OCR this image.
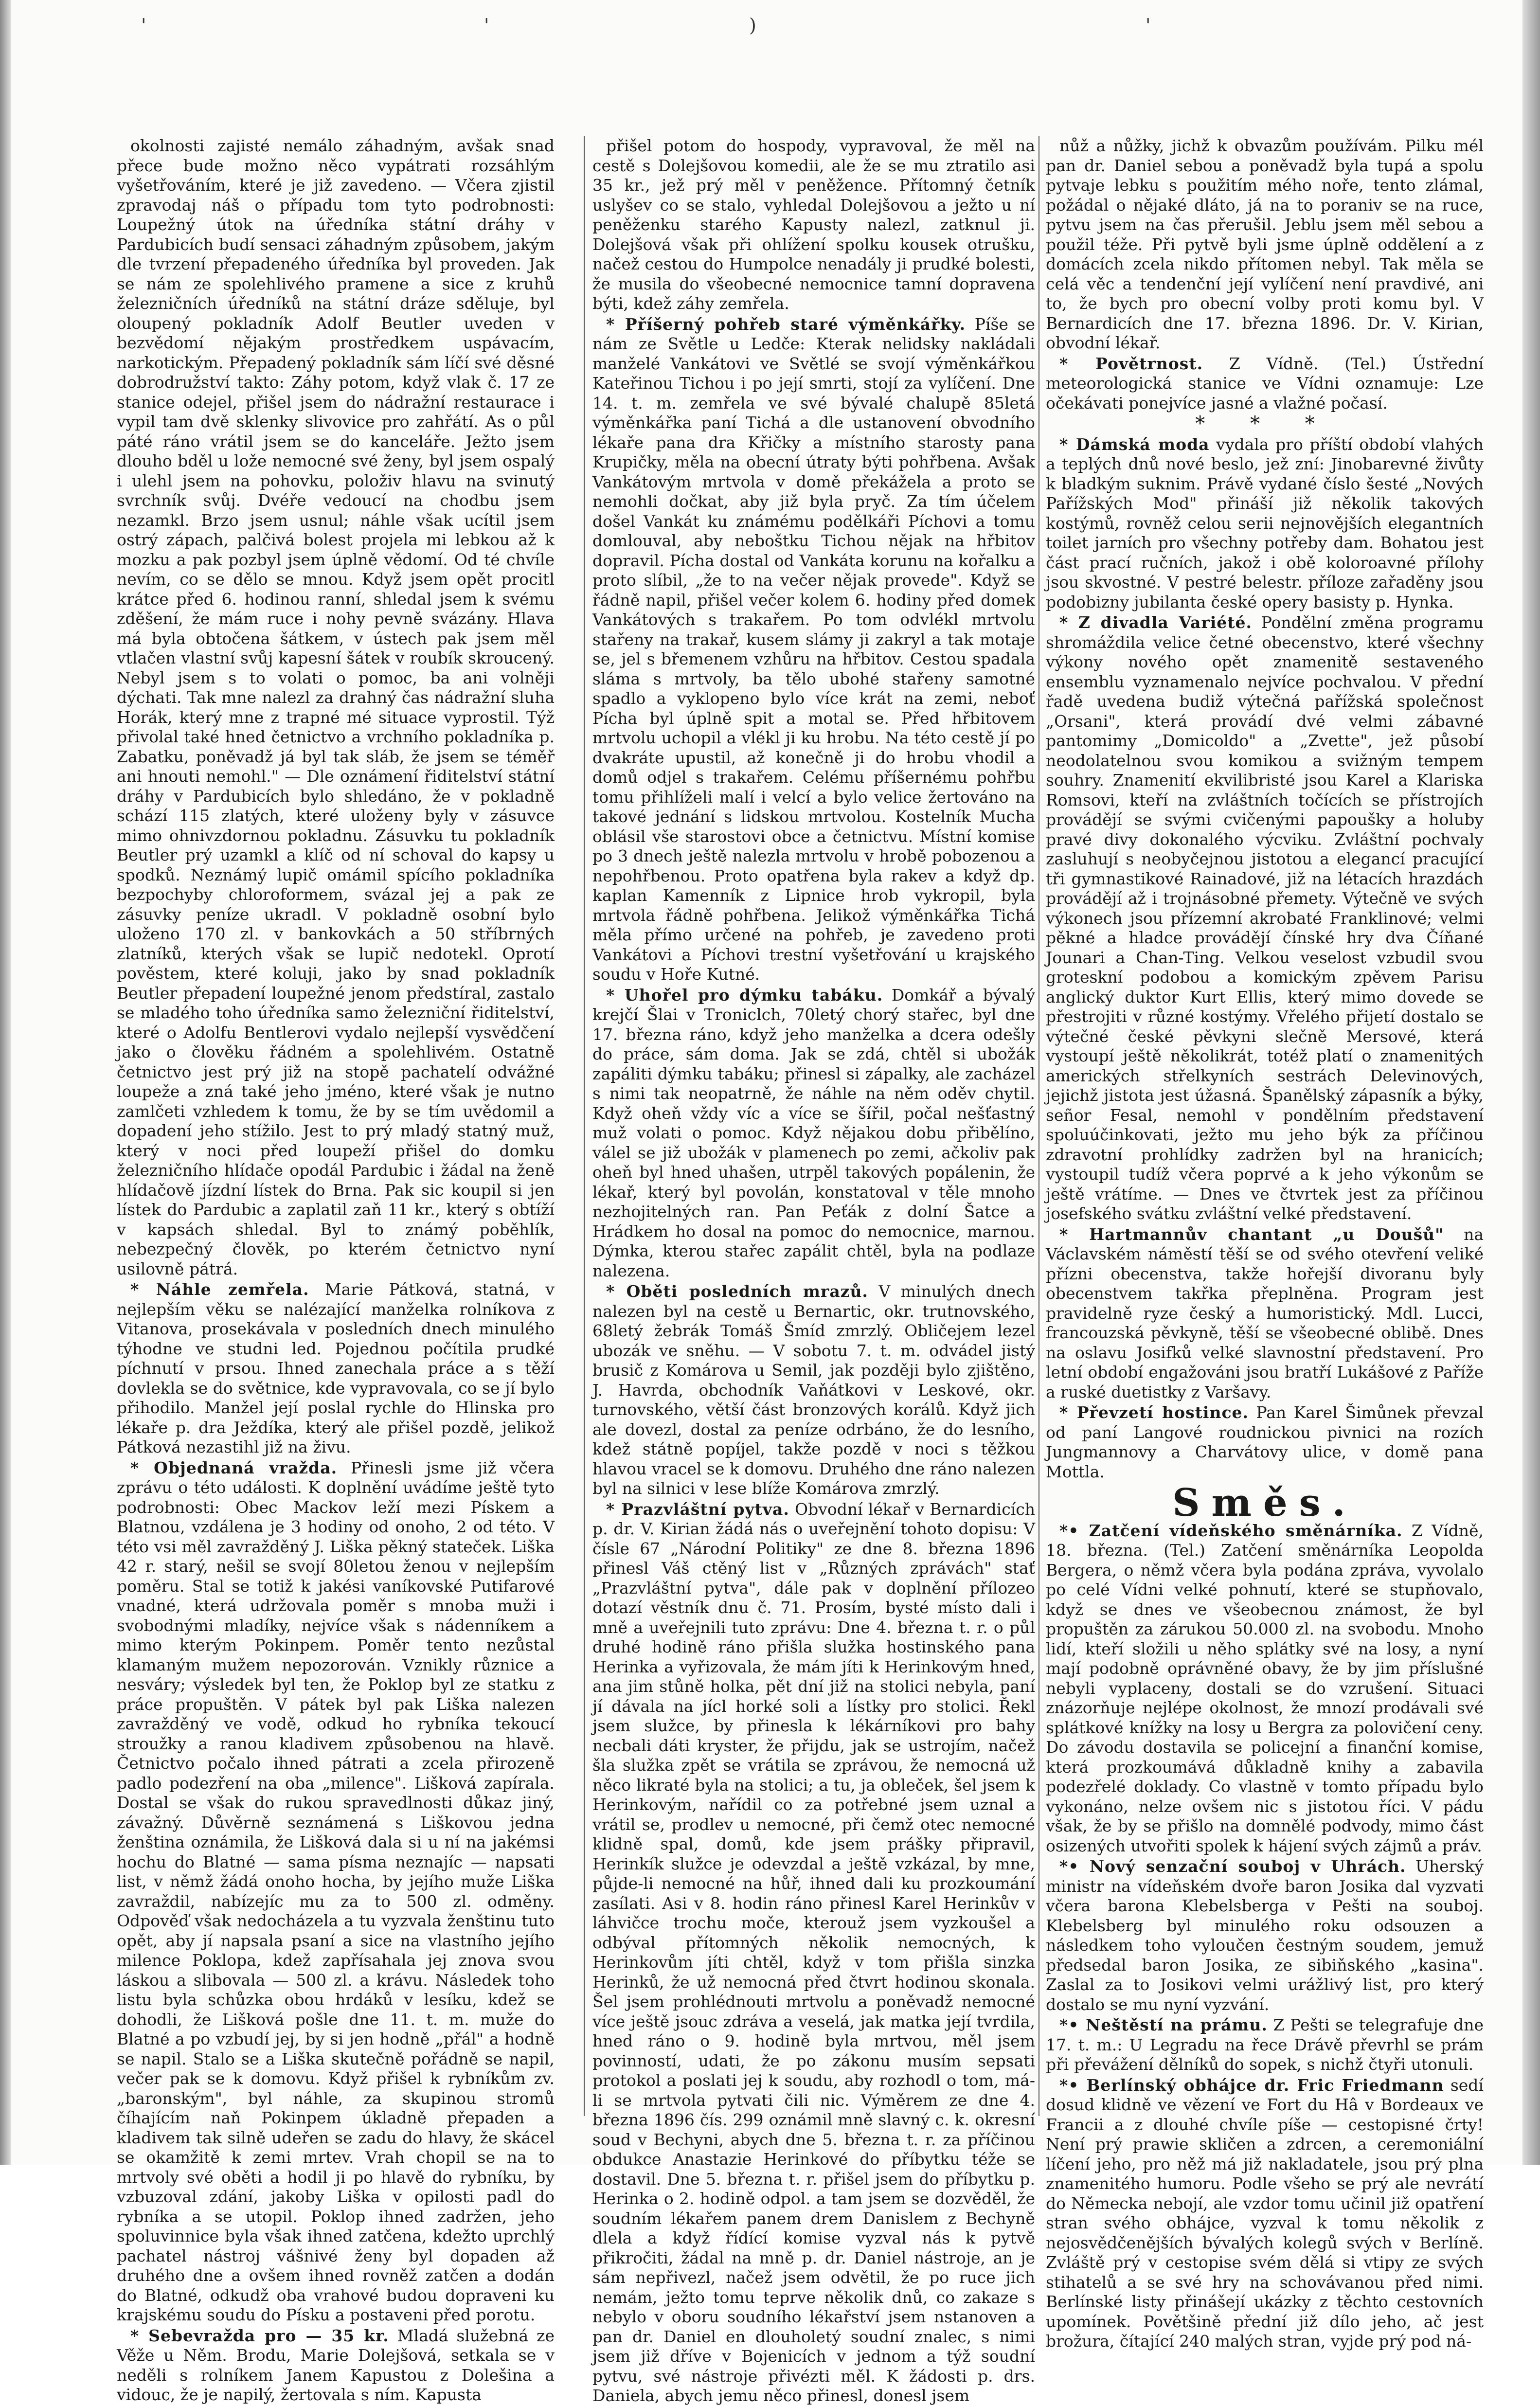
'	'	)	'

okolnosti zajisté nemálo záhadným, avšak snad přece bude možno něco vypátrati rozsáhlým vyšetřováním, které je již zavedeno. — Včera zjistil zpravodaj náš o případu tom tyto podrobnosti: Loupežný útok na úředníka státní dráhy v Pardubicích budí sensaci záhadným způsobem, jakým dle tvrzení přepadeného úředníka byl proveden. Jak se nám ze spolehlivého pramene a sice z kruhů železničních úředníků na státní dráze sděluje, byl oloupený pokladník Adolf Beutler uveden v bezvědomí nějakým prostředkem uspávacím, narkotickým. Přepadený pokladník sám líčí své děsné dobrodružství takto: Záhy potom, když vlak č. 17 ze stanice odejel, přišel jsem do nádražní restaurace i vypil tam dvě sklenky slivovice pro zahřátí. As o půl páté ráno vrátil jsem se do kanceláře. Ježto jsem dlouho bděl u lože nemocné své ženy, byl jsem ospalý i ulehl jsem na pohovku, položiv hlavu na svinutý svrchník svůj. Dvéře vedoucí na chodbu jsem nezamkl. Brzo jsem usnul; náhle však ucítil jsem ostrý zápach, palčivá bolest projela mi lebkou až k mozku a pak pozbyl jsem úplně vědomí. Od té chvíle nevím, co se dělo se mnou. Když jsem opět procitl krátce před 6. hodinou ranní, shledal jsem k svému zděšení, že mám ruce i nohy pevně svázány. Hlava má byla obtočena šátkem, v ústech pak jsem měl vtlačen vlastní svůj kapesní šátek v roubík skroucený. Nebyl jsem s to volati o pomoc, ba ani volněji dýchati. Tak mne nalezl za drahný čas nádražní sluha Horák, který mne z trapné mé situace vyprostil. Týž přivolal také hned četnictvo a vrchního pokladníka p. Zabatku, poněvadž já byl tak sláb, že jsem se téměř ani hnouti nemohl." — Dle oznámení řiditelství státní dráhy v Pardubicích bylo shledáno, že v pokladně schází 115 zlatých, které uloženy byly v zásuvce mimo ohnivzdornou pokladnu. Zásuvku tu pokladník Beutler prý uzamkl a klíč od ní schoval do kapsy u spodků. Neznámý lupič omámil spícího pokladníka bezpochyby chloroformem, svázal jej a pak ze zásuvky peníze ukradl. V pokladně osobní bylo uloženo 170 zl. v bankovkách a 50 stříbrných zlatníků, kterých však se lupič nedotekl. Oprotí pověstem, které koluji, jako by snad pokladník Beutler přepadení loupežné jenom předstíral, zastalo se mladého toho úředníka samo železniční řiditelství, které o Adolfu Bentlerovi vydalo nejlepší vysvědčení jako o člověku řádném a spolehlivém. Ostatně četnictvo jest prý již na stopě pachatelí odvážné loupeže a zná také jeho jméno, které však je nutno zamlčeti vzhledem k tomu, že by se tím uvědomil a dopadení jeho stížilo. Jest to prý mladý statný muž, který v noci před loupeží přišel do domku železničního hlídače opodál Pardubic i žádal na ženě hlídačově jízdní lístek do Brna. Pak sic koupil si jen lístek do Pardubic a zaplatil zaň 11 kr., který s obtíží v kapsách shledal. Byl to známý poběhlík, nebezpečný člověk, po kterém četnictvo nyní usilovně pátrá.

* Náhle zemřela. Marie Pátková, statná, v nejlepším věku se nalézající manželka rolníkova z Vitanova, prosekávala v posledních dnech minulého týhodne ve studni led. Pojednou počítila prudké píchnutí v prsou. Ihned zanechala práce a s těží dovlekla se do světnice, kde vypravovala, co se jí bylo přihodilo. Manžel její poslal rychle do Hlinska pro lékaře p. dra Ježdíka, který ale přišel pozdě, jelikož Pátková nezastihl již na živu.

* Objednaná vražda. Přinesli jsme již včera zprávu o této události. K doplnění uvádíme ještě tyto podrobnosti: Obec Mackov leží mezi Pískem a Blatnou, vzdálena je 3 hodiny od onoho, 2 od této. V této vsi měl zavražděný J. Liška pěkný stateček. Liška 42 r. starý, nešil se svojí 80letou ženou v nejlepším poměru. Stal se totiž k jakési vaníkovské Putifarové vnadné, která udržovala poměr s mnoba muži i svobodnými mladíky, nejvíce však s nádenníkem a mimo kterým Pokinpem. Poměr tento nezůstal klamaným mužem nepozorován. Vznikly různice a nesváry; výsledek byl ten, že Poklop byl ze statku z práce propuštěn. V pátek byl pak Liška nalezen zavražděný ve vodě, odkud ho rybníka tekoucí stroužky a ranou kladivem způsobenou na hlavě. Četnictvo počalo ihned pátrati a zcela přirozeně padlo podezření na oba „milence". Lišková zapírala. Dostal se však do rukou spravedlnosti důkaz jiný, závažný. Důvěrně seznámená s Liškovou jedna ženština oznámila, že Lišková dala si u ní na jakémsi hochu do Blatné — sama písma neznajíc — napsati list, v němž žádá onoho hocha, by jejího muže Liška zavraždil, nabízejíc mu za to 500 zl. odměny. Odpověď však nedocházela a tu vyzvala ženštinu tuto opět, aby jí napsala psaní a sice na vlastního jejího milence Poklopa, kdež zapřísahala jej znova svou láskou a slibovala — 500 zl. a krávu. Následek toho listu byla schůzka obou hrdáků v lesíku, kdež se dohodli, že Lišková pošle dne 11. t. m. muže do Blatné a po vzbudí jej, by si jen hodně „přál" a hodně se napil. Stalo se a Liška skutečně pořádně se napil, večer pak se k domovu. Když přišel k rybníkům zv. „baronským", byl náhle, za skupinou stromů číhajícím naň Pokinpem úkladně přepaden a kladivem tak silně udeřen se zadu do hlavy, že skácel se okamžitě k zemi mrtev. Vrah chopil se na to mrtvoly své oběti a hodil ji po hlavě do rybníku, by vzbuzoval zdání, jakoby Liška v opilosti padl do rybníka a se utopil. Poklop ihned zadržen, jeho spoluvinnice byla však ihned zatčena, kdežto uprchlý pachatel nástroj vášnivé ženy byl dopaden až druhého dne a ovšem ihned rovněž zatčen a dodán do Blatné, odkudž oba vrahové budou dopraveni ku krajskému soudu do Písku a postaveni před porotu.

* Sebevražda pro — 35 kr. Mladá služebná ze Věže u Něm. Brodu, Marie Dolejšová, setkala se v neděli s rolníkem Janem Kapustou z Dolešina a vidouc, že je napilý, žertovala s ním. Kapusta

přišel potom do hospody, vypravoval, že měl na cestě s Dolejšovou komedii, ale že se mu ztratilo asi 35 kr., jež prý měl v peněžence. Přítomný četník uslyšev co se stalo, vyhledal Dolejšovou a ježto u ní peněženku starého Kapusty nalezl, zatknul ji. Dolejšová však při ohlížení spolku kousek otrušku, načež cestou do Humpolce nenadály ji prudké bolesti, že musila do všeobecné nemocnice tamní dopravena býti, kdež záhy zemřela.

* Příšerný pohřeb staré výměnkářky. Píše se nám ze Světle u Ledče: Kterak nelidsky nakládali manželé Vankátovi ve Světlé se svojí výměnkářkou Kateřinou Tichou i po její smrti, stojí za vylíčení. Dne 14. t. m. zemřela ve své bývalé chalupě 85letá výměnkářka paní Tichá a dle ustanovení obvodního lékaře pana dra Křičky a místního starosty pana Krupičky, měla na obecní útraty býti pohřbena. Avšak Vankátovým mrtvola v domě překážela a proto se nemohli dočkat, aby již byla pryč. Za tím účelem došel Vankát ku známému podělkáři Píchovi a tomu domlouval, aby neboštku Tichou nějak na hřbitov dopravil. Pícha dostal od Vankáta korunu na kořalku a proto slíbil, „že to na večer nějak provede". Když se řádně napil, přišel večer kolem 6. hodiny před domek Vankátových s trakařem. Po tom odvlékl mrtvolu stařeny na trakař, kusem slámy ji zakryl a tak motaje se, jel s břemenem vzhůru na hřbitov. Cestou spadala sláma s mrtvoly, ba tělo ubohé stařeny samotné spadlo a vyklopeno bylo více krát na zemi, neboť Pícha byl úplně spit a motal se. Před hřbitovem mrtvolu uchopil a vlékl ji ku hrobu. Na této cestě jí po dvakráte upustil, až konečně ji do hrobu vhodil a domů odjel s trakařem. Celému příšernému pohřbu tomu přihlíželi malí i velcí a bylo velice žertováno na takové jednání s lidskou mrtvolou. Kostelník Mucha oblásil vše starostovi obce a četnictvu. Místní komise po 3 dnech ještě nalezla mrtvolu v hrobě pobozenou a nepohřbenou. Proto opatřena byla rakev a když dp. kaplan Kamenník z Lipnice hrob vykropil, byla mrtvola řádně pohřbena. Jelikož výměnkářka Tichá měla přímo určené na pohřeb, je zavedeno proti Vankátovi a Píchovi trestní vyšetřování u krajského soudu v Hoře Kutné.

* Uhořel pro dýmku tabáku. Domkář a bývalý krejčí Šlai v Troniclch, 70letý chorý stařec, byl dne 17. března ráno, když jeho manželka a dcera odešly do práce, sám doma. Jak se zdá, chtěl si ubožák zapáliti dýmku tabáku; přinesl si zápalky, ale zacházel s nimi tak neopatrně, že náhle na něm oděv chytil. Když oheň vždy víc a více se šířil, počal nešťastný muž volati o pomoc. Když nějakou dobu přibělíno, válel se již ubožák v plamenech po zemi, ačkoliv pak oheň byl hned uhašen, utrpěl takových popálenin, že lékař, který byl povolán, konstatoval v těle mnoho nezhojitelných ran. Pan Peťák z dolní Šatce a Hrádkem ho dosal na pomoc do nemocnice, marnou. Dýmka, kterou stařec zapálit chtěl, byla na podlaze nalezena.

* Oběti posledních mrazů. V minulých dnech nalezen byl na cestě u Bernartic, okr. trutnovského, 68letý žebrák Tomáš Šmíd zmrzlý. Obličejem lezel ubozák ve sněhu. — V sobotu 7. t. m. odvádel jistý brusič z Komárova u Semil, jak později bylo zjištěno, J. Havrda, obchodník Vaňátkovi v Leskové, okr. turnovského, větší část bronzových korálů. Když jich ale dovezl, dostal za peníze odrbáno, že do lesního, kdež státně popíjel, takže pozdě v noci s těžkou hlavou vracel se k domovu. Druhého dne ráno nalezen byl na silnici v lese blíže Komárova zmrzlý.

* Prazvláštní pytva. Obvodní lékař v Bernardicích p. dr. V. Kirian žádá nás o uveřejnění tohoto dopisu: V čísle 67 „Národní Politiky" ze dne 8. března 1896 přinesl Váš ctěný list v „Různých zprávách" stať „Prazvláštní pytva", dále pak v doplnění přílozeo dotazí věstník dnu č. 71. Prosím, bysté místo dali i mně a uveřejnili tuto zprávu: Dne 4. března t. r. o půl druhé hodině ráno přišla služka hostinského pana Herinka a vyřizovala, že mám jíti k Herinkovým hned, ana jim stůně holka, pět dní již na stolici nebyla, paní jí dávala na jícl horké soli a lístky pro stolici. Řekl jsem služce, by přinesla k lékárníkovi pro bahy necbali dáti kryster, že přijdu, jak se ustrojím, načež šla služka zpět se vrátila se zprávou, že nemocná už něco likraté byla na stolici; a tu, ja obleček, šel jsem k Herinkovým, nařídil co za potřebné jsem uznal a vrátil se, prodlev u nemocné, při čemž otec nemocné klidně spal, domů, kde jsem prášky připravil, Herinkík služce je odevzdal a ještě vzkázal, by mne, půjde-li nemocné na hůř, ihned dali ku prozkoumání zasílati. Asi v 8. hodin ráno přinesl Karel Herinkův v láhvičce trochu moče, kterouž jsem vyzkoušel a odbýval přítomných několik nemocných, k Herinkovům jíti chtěl, když v tom přišla sinzka Herinků, že už nemocná před čtvrt hodinou skonala. Šel jsem prohlédnouti mrtvolu a poněvadž nemocné více ještě jsouc zdráva a veselá, jak matka její tvrdila, hned ráno o 9. hodině byla mrtvou, měl jsem povinností, udati, že po zákonu musím sepsati protokol a poslati jej k soudu, aby rozhodl o tom, má-li se mrtvola pytvati čili nic. Výměrem ze dne 4. března 1896 čís. 299 oznámil mně slavný c. k. okresní soud v Bechyni, abych dne 5. března t. r. za příčinou obdukce Anastazie Herinkové do příbytku téže se dostavil. Dne 5. března t. r. přišel jsem do příbytku p. Herinka o 2. hodině odpol. a tam jsem se dozvěděl, že soudním lékařem panem drem Danislem z Bechyně dlela a když řídící komise vyzval nás k pytvě přikročiti, žádal na mně p. dr. Daniel nástroje, an je sám nepřivezl, načež jsem odvětil, že po ruce jich nemám, ježto tomu teprve několik dnů, co zakaze s nebylo v oboru soudního lékařství jsem nstanoven a pan dr. Daniel en dlouholetý soudní znalec, s nimi jsem již dříve v Bojenicích v jednom a týž soudní pytvu, své nástroje přivézti měl. K žádosti p. drs. Daniela, abych jemu něco přinesl, donesl jsem

nůž a nůžky, jichž k obvazům používám. Pilku mél pan dr. Daniel sebou a poněvadž byla tupá a spolu pytvaje lebku s použitím mého noře, tento zlámal, požádal o nějaké dláto, já na to poraniv se na ruce, pytvu jsem na čas přerušil. Jeblu jsem měl sebou a použil téže. Při pytvě byli jsme úplně oddělení a z domácích zcela nikdo přítomen nebyl. Tak měla se celá věc a tendenční její vylíčení není pravdivé, ani to, že bych pro obecní volby proti komu byl. V Bernardicích dne 17. března 1896. Dr. V. Kirian, obvodní lékař.

* Povětrnost. Z Vídně. (Tel.) Ústřední meteorologická stanice ve Vídni oznamuje: Lze očekávati ponejvíce jasné a vlažné počasí.

* * *

* Dámská moda vydala pro příští období vlahých a teplých dnů nové beslo, jež zní: Jinobarevné živůty k bladkým suknim. Právě vydané číslo šesté „Nových Pařížských Mod" přináší již několik takových kostýmů, rovněž celou serii nejnovějších elegantních toilet jarních pro všechny potřeby dam. Bohatou jest část prací ručních, jakož i obě koloroavné přílohy jsou skvostné. V pestré belestr. příloze zařaděny jsou podobizny jubilanta české opery basisty p. Hynka.

* Z divadla Variété. Pondělní změna programu shromáždila velice četné obecenstvo, které všechny výkony nového opět znamenitě sestaveného ensemblu vyznamenalo nejvíce pochvalou. V přední řadě uvedena budiž výtečná pařížská společnost „Orsani", která provádí dvé velmi zábavné pantomimy „Domicoldo" a „Zvette", jež působí neodolatelnou svou komikou a svižným tempem souhry. Znamenití ekvilibristé jsou Karel a Klariska Romsovi, kteří na zvláštních točících se přístrojích provádějí se svými cvičenými papoušky a holuby pravé divy dokonalého výcviku. Zvláštní pochvaly zasluhují s neobyčejnou jistotou a elegancí pracující tři gymnastikové Rainadové, již na létacích hrazdách provádějí až i trojnásobné přemety. Výtečně ve svých výkonech jsou přízemní akrobaté Franklinové; velmi pěkné a hladce provádějí čínské hry dva Číňané Jounari a Chan-Ting. Velkou veselost vzbudil svou groteskní podobou a komickým zpěvem Parisu anglický duktor Kurt Ellis, který mimo dovede se přestrojiti v různé kostýmy. Vřelého přijetí dostalo se výtečné české pěvkyni slečně Mersové, která vystoupí ještě několikrát, totéž platí o znamenitých amerických střelkyních sestrách Delevinových, jejichž jistota jest úžasná. Španělský zápasník a býky, señor Fesal, nemohl v pondělním představení spoluúčinkovati, ježto mu jeho býk za příčinou zdravotní prohlídky zadržen byl na hranicích; vystoupil tudíž včera poprvé a k jeho výkonům se ještě vrátíme. — Dnes ve čtvrtek jest za příčinou josefského svátku zvláštní velké představení.

* Hartmannův chantant „u Doušů" na Václavském náměstí těší se od svého otevření veliké přízni obecenstva, takže hořejší divoranu byly obecenstvem takřka přeplněna. Program jest pravidelně ryze český a humoristický. Mdl. Lucci, francouzská pěvkyně, těší se všeobecné oblibě. Dnes na oslavu Josifků velké slavnostní představení. Pro letní období engažováni jsou bratří Lukášové z Paříže a ruské duetistky z Varšavy.

* Převzetí hostince. Pan Karel Šimůnek převzal od paní Langové roudnickou pivnici na rozích Jungmannovy a Charvátovy ulice, v domě pana Mottla.

Směs.

*• Zatčení vídeňského směnárníka. Z Vídně, 18. března. (Tel.) Zatčení směnárníka Leopolda Bergera, o němž včera byla podána zpráva, vyvolalo po celé Vídni velké pohnutí, které se stupňovalo, když se dnes ve všeobecnou známost, že byl propuštěn za zárukou 50.000 zl. na svobodu. Mnoho lidí, kteří složili u něho splátky své na losy, a nyní mají podobně oprávněné obavy, že by jim příslušné nebyli vyplaceny, dostali se do vzrušení. Situaci znázorňuje nejlépe okolnost, že mnozí prodávali své splátkové knížky na losy u Bergra za polovičení ceny. Do závodu dostavila se policejní a finanční komise, která prozkoumává důkladně knihy a zabavila podezřelé doklady. Co vlastně v tomto případu bylo vykonáno, nelze ovšem nic s jistotou říci. V pádu však, že by se přišlo na domnělé podvody, mimo část osizených utvořiti spolek k hájení svých zájmů a práv.

*• Nový senzační souboj v Uhrách. Uherský ministr na vídeňském dvoře baron Josika dal vyzvati včera barona Klebelsberga v Pešti na souboj. Klebelsberg byl minulého roku odsouzen a následkem toho vyloučen čestným soudem, jemuž předsedal baron Josika, ze sibiňského „kasina". Zaslal za to Josikovi velmi urážlivý list, pro který dostalo se mu nyní vyzvání.

*• Neštěstí na prámu. Z Pešti se telegrafuje dne 17. t. m.: U Legradu na řece Drávě převrhl se prám při převážení dělníků do sopek, s nichž čtyři utonuli.

*• Berlínský obhájce dr. Fric Friedmann sedí dosud klidně ve vězení ve Fort du Hâ v Bordeaux ve Francii a z dlouhé chvíle píše — cestopisné črty! Není prý prawie skličen a zdrcen, a ceremoniální líčení jeho, pro něž má již nakladatele, jsou prý plna znamenitého humoru. Podle všeho se prý ale nevrátí do Německa nebojí, ale vzdor tomu učinil již opatření stran svého obhájce, vyzval k tomu několik z nejosvědčenějších bývalých kolegů svých v Berlíně. Zvláště prý v cestopise svém dělá si vtipy ze svých stihatelů a se své hry na schovávanou před nimi. Berlínské listy přinášejí ukázky z těchto cestovních upomínek. Povětšině přední již dílo jeho, ač jest brožura, čítající 240 malých stran, vyjde prý pod ná-
